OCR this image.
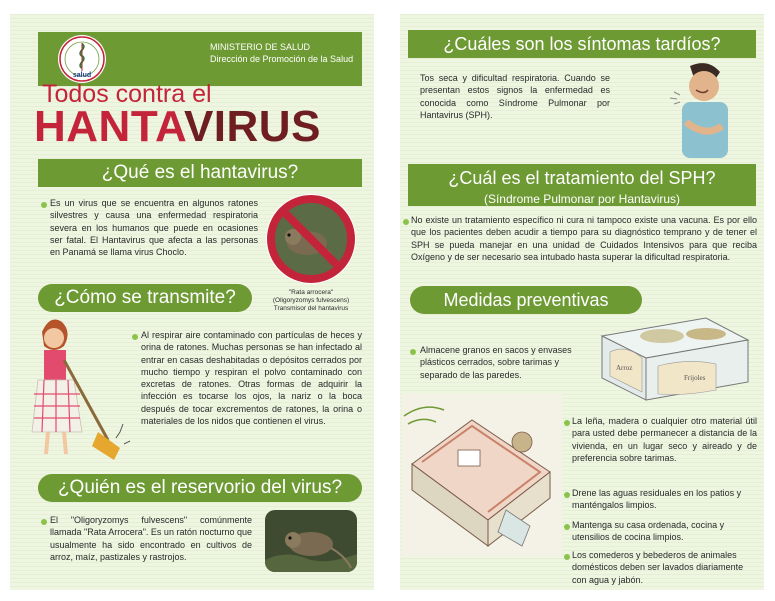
salud
MINISTERIO DE SALUD
Dirección de Promoción de la Salud
Todos contra el
HANTAVIRUS
¿Qué es el hantavirus?
Es un virus que se encuentra en algunos ratones silvestres y causa una enfermedad respiratoria severa en los humanos que puede en ocasiones ser fatal. El Hantavirus que afecta a las personas en Panamá se llama virus Choclo.
"Rata arrocera"
(Oligoryzomys fulvescens)
Transmisor del hantavirus
¿Cómo se transmite?
Al respirar aire contaminado con partículas de heces y orina de ratones. Muchas personas se han infectado al entrar en casas deshabitadas o depósitos cerrados por mucho tiempo y respiran el polvo contaminado con excretas de ratones. Otras formas de adquirir la infección es tocarse los ojos, la nariz o la boca después de tocar excrementos de ratones, la orina o materiales de los nidos que contienen el virus.
¿Quién es el reservorio del virus?
El "Oligoryzomys fulvescens" comúnmente llamada "Rata Arrocera". Es un ratón nocturno que usualmente ha sido encontrado en cultivos de arroz, maíz, pastizales y rastrojos.
¿Cuáles son los síntomas tardíos?
Tos seca y dificultad respiratoria. Cuando se presentan estos signos la enfermedad es conocida como Síndrome Pulmonar por Hantavirus (SPH).
¿Cuál es el tratamiento del SPH?
(Síndrome Pulmonar por Hantavirus)
No existe un tratamiento específico ni cura ni tampoco existe una vacuna. Es por ello que los pacientes deben acudir a tiempo para su diagnóstico temprano y de tener el SPH se pueda manejar en una unidad de Cuidados Intensivos para que reciba Oxígeno y de ser necesario sea intubado hasta superar la dificultad respiratoria.
Medidas preventivas
Almacene granos en sacos y envases plásticos cerrados, sobre tarimas y separado de las paredes.
Arroz
Frijoles
La leña, madera o cualquier otro material útil para usted debe permanecer a distancia de la vivienda, en un lugar seco y aireado y de preferencia sobre tarimas.
Drene las aguas residuales en los patios y manténgalos limpios.
Mantenga su casa ordenada, cocina y utensilios de cocina limpios.
Los comederos y bebederos de animales domésticos deben ser lavados diariamente con agua y jabón.
